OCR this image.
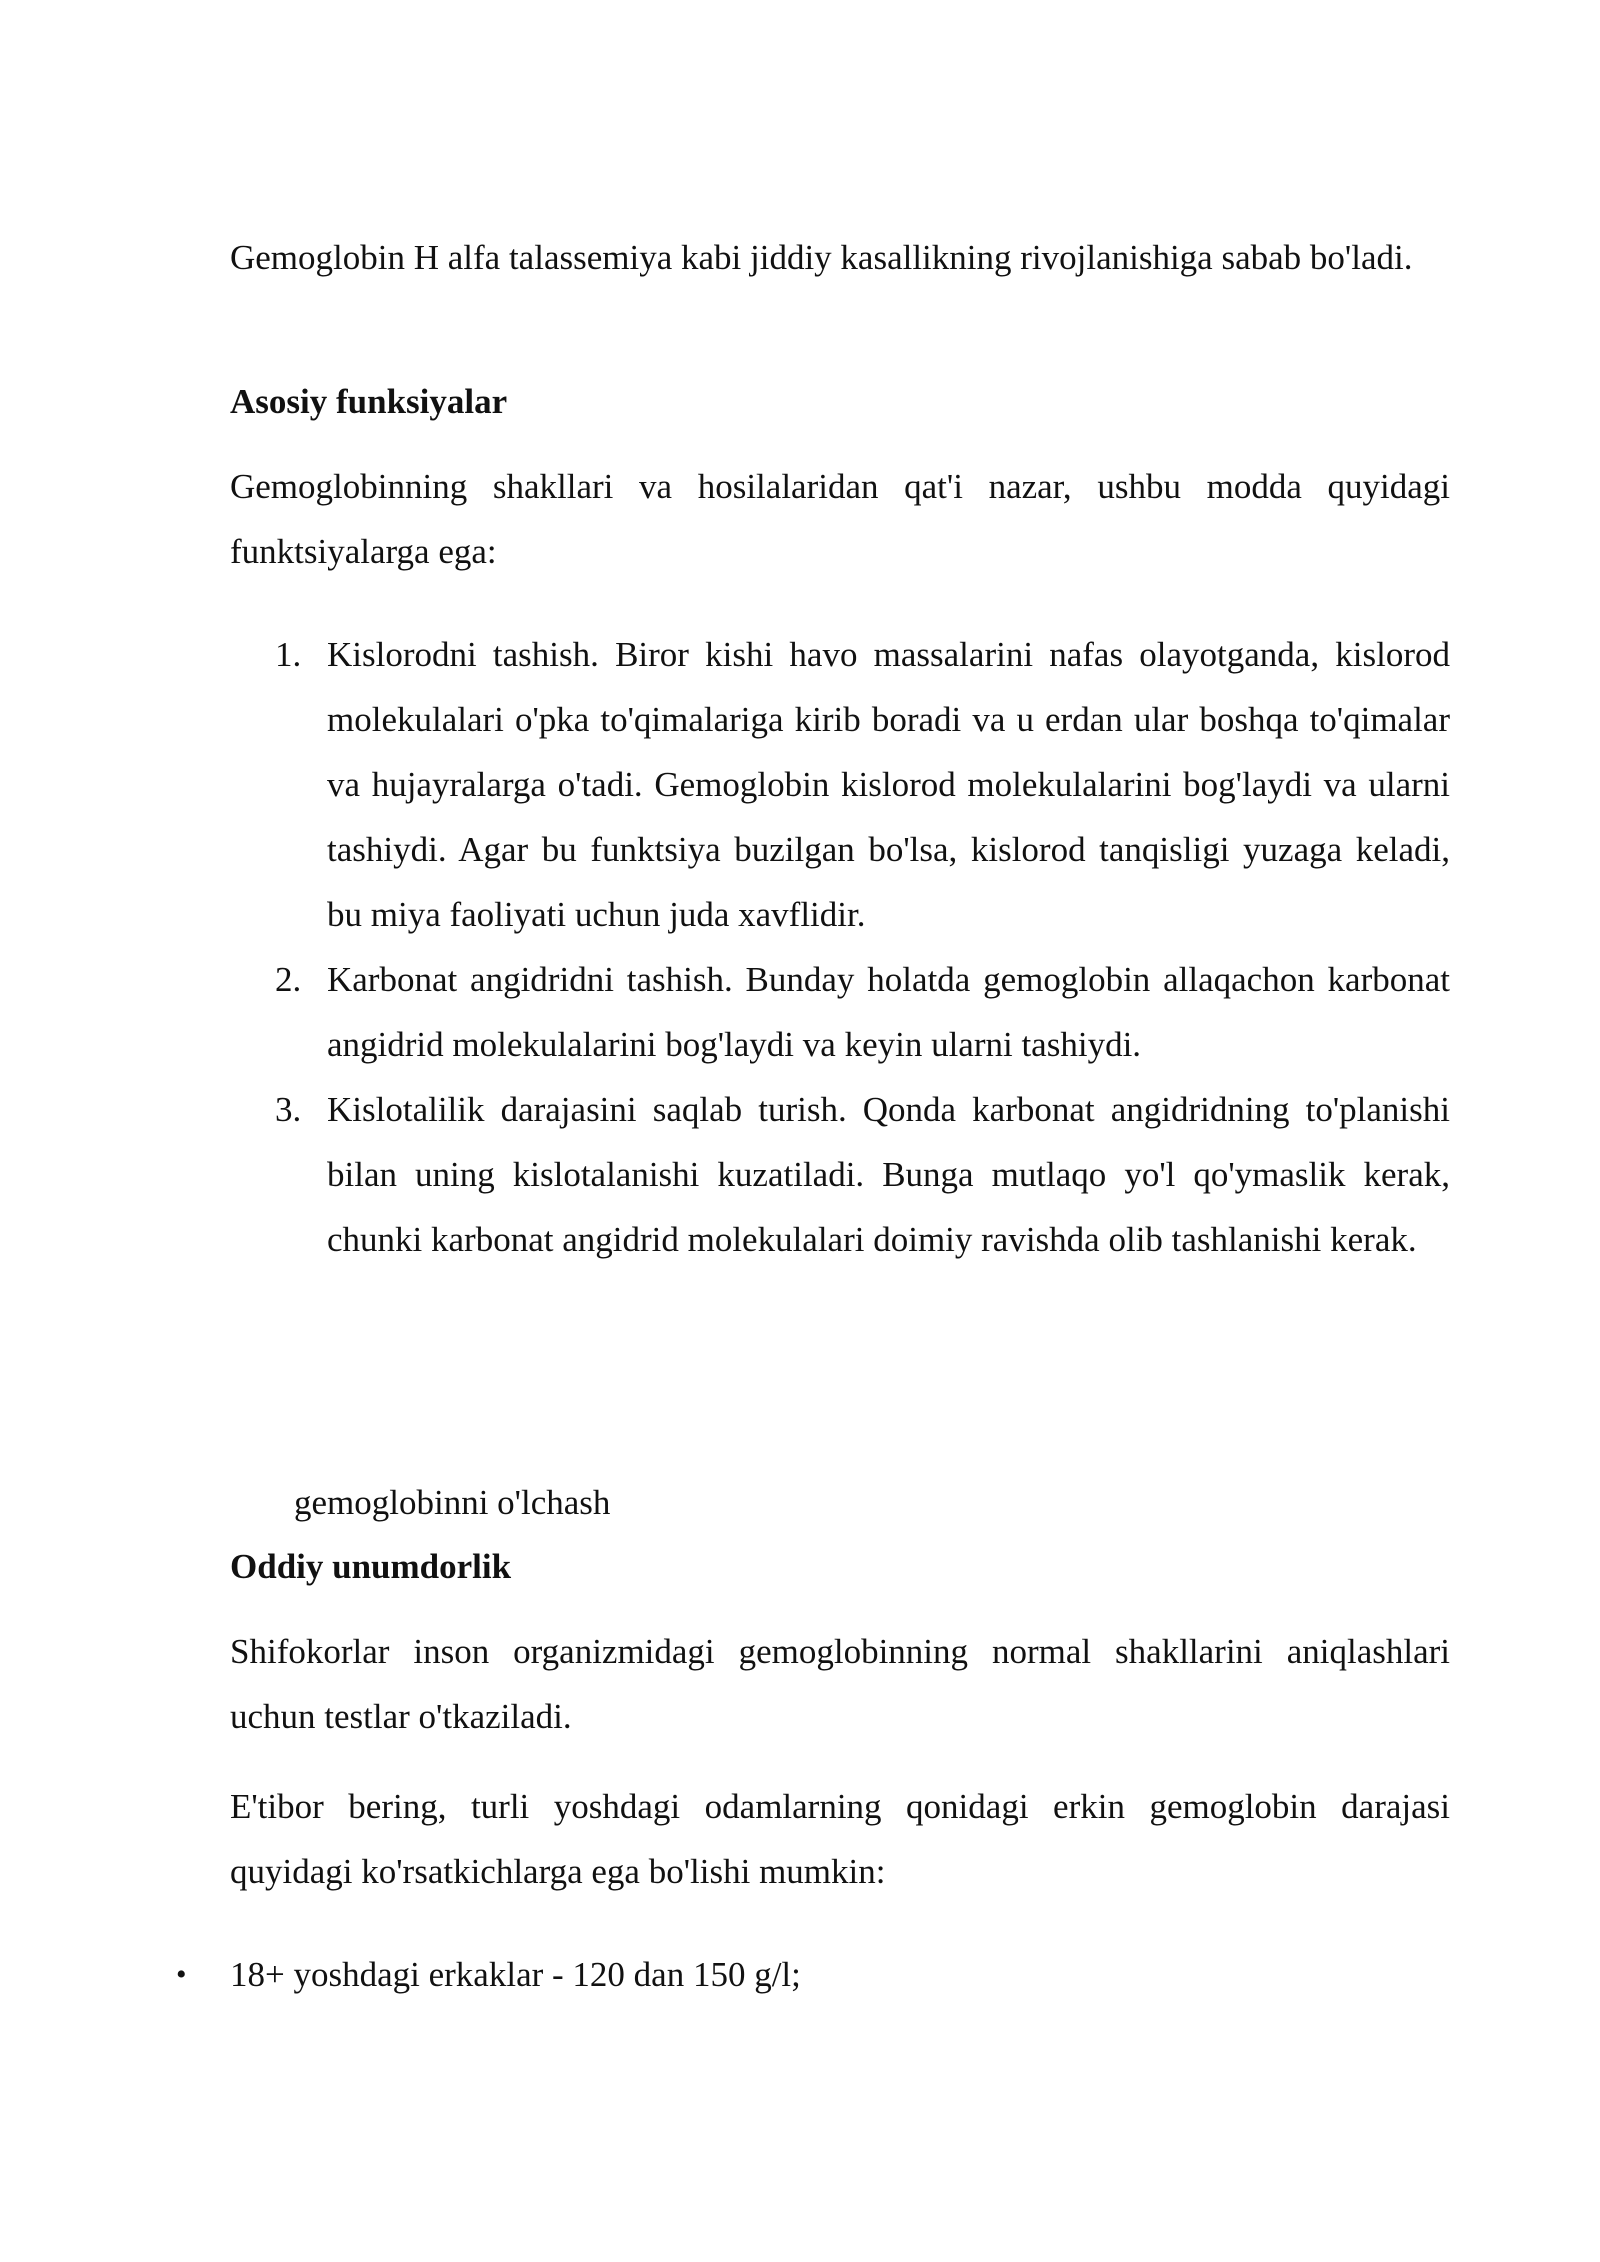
Gemoglobin H alfa talassemiya kabi jiddiy kasallikning rivojlanishiga sabab bo'ladi.

Asosiy funksiyalar

Gemoglobinning shakllari va hosilalaridan qat'i nazar, ushbu modda quyidagi funktsiyalarga ega:

1. Kislorodni tashish. Biror kishi havo massalarini nafas olayotganda, kislorod molekulalari o'pka to'qimalariga kirib boradi va u erdan ular boshqa to'qimalar va hujayralarga o'tadi. Gemoglobin kislorod molekulalarini bog'laydi va ularni tashiydi. Agar bu funktsiya buzilgan bo'lsa, kislorod tanqisligi yuzaga keladi, bu miya faoliyati uchun juda xavflidir.
2. Karbonat angidridni tashish. Bunday holatda gemoglobin allaqachon karbonat angidrid molekulalarini bog'laydi va keyin ularni tashiydi.
3. Kislotalilik darajasini saqlab turish. Qonda karbonat angidridning to'planishi bilan uning kislotalanishi kuzatiladi. Bunga mutlaqo yo'l qo'ymaslik kerak, chunki karbonat angidrid molekulalari doimiy ravishda olib tashlanishi kerak.

gemoglobinni o'lchash

Oddiy unumdorlik

Shifokorlar inson organizmidagi gemoglobinning normal shakllarini aniqlashlari uchun testlar o'tkaziladi.

E'tibor bering, turli yoshdagi odamlarning qonidagi erkin gemoglobin darajasi quyidagi ko'rsatkichlarga ega bo'lishi mumkin:

• 18+ yoshdagi erkaklar - 120 dan 150 g/l;
